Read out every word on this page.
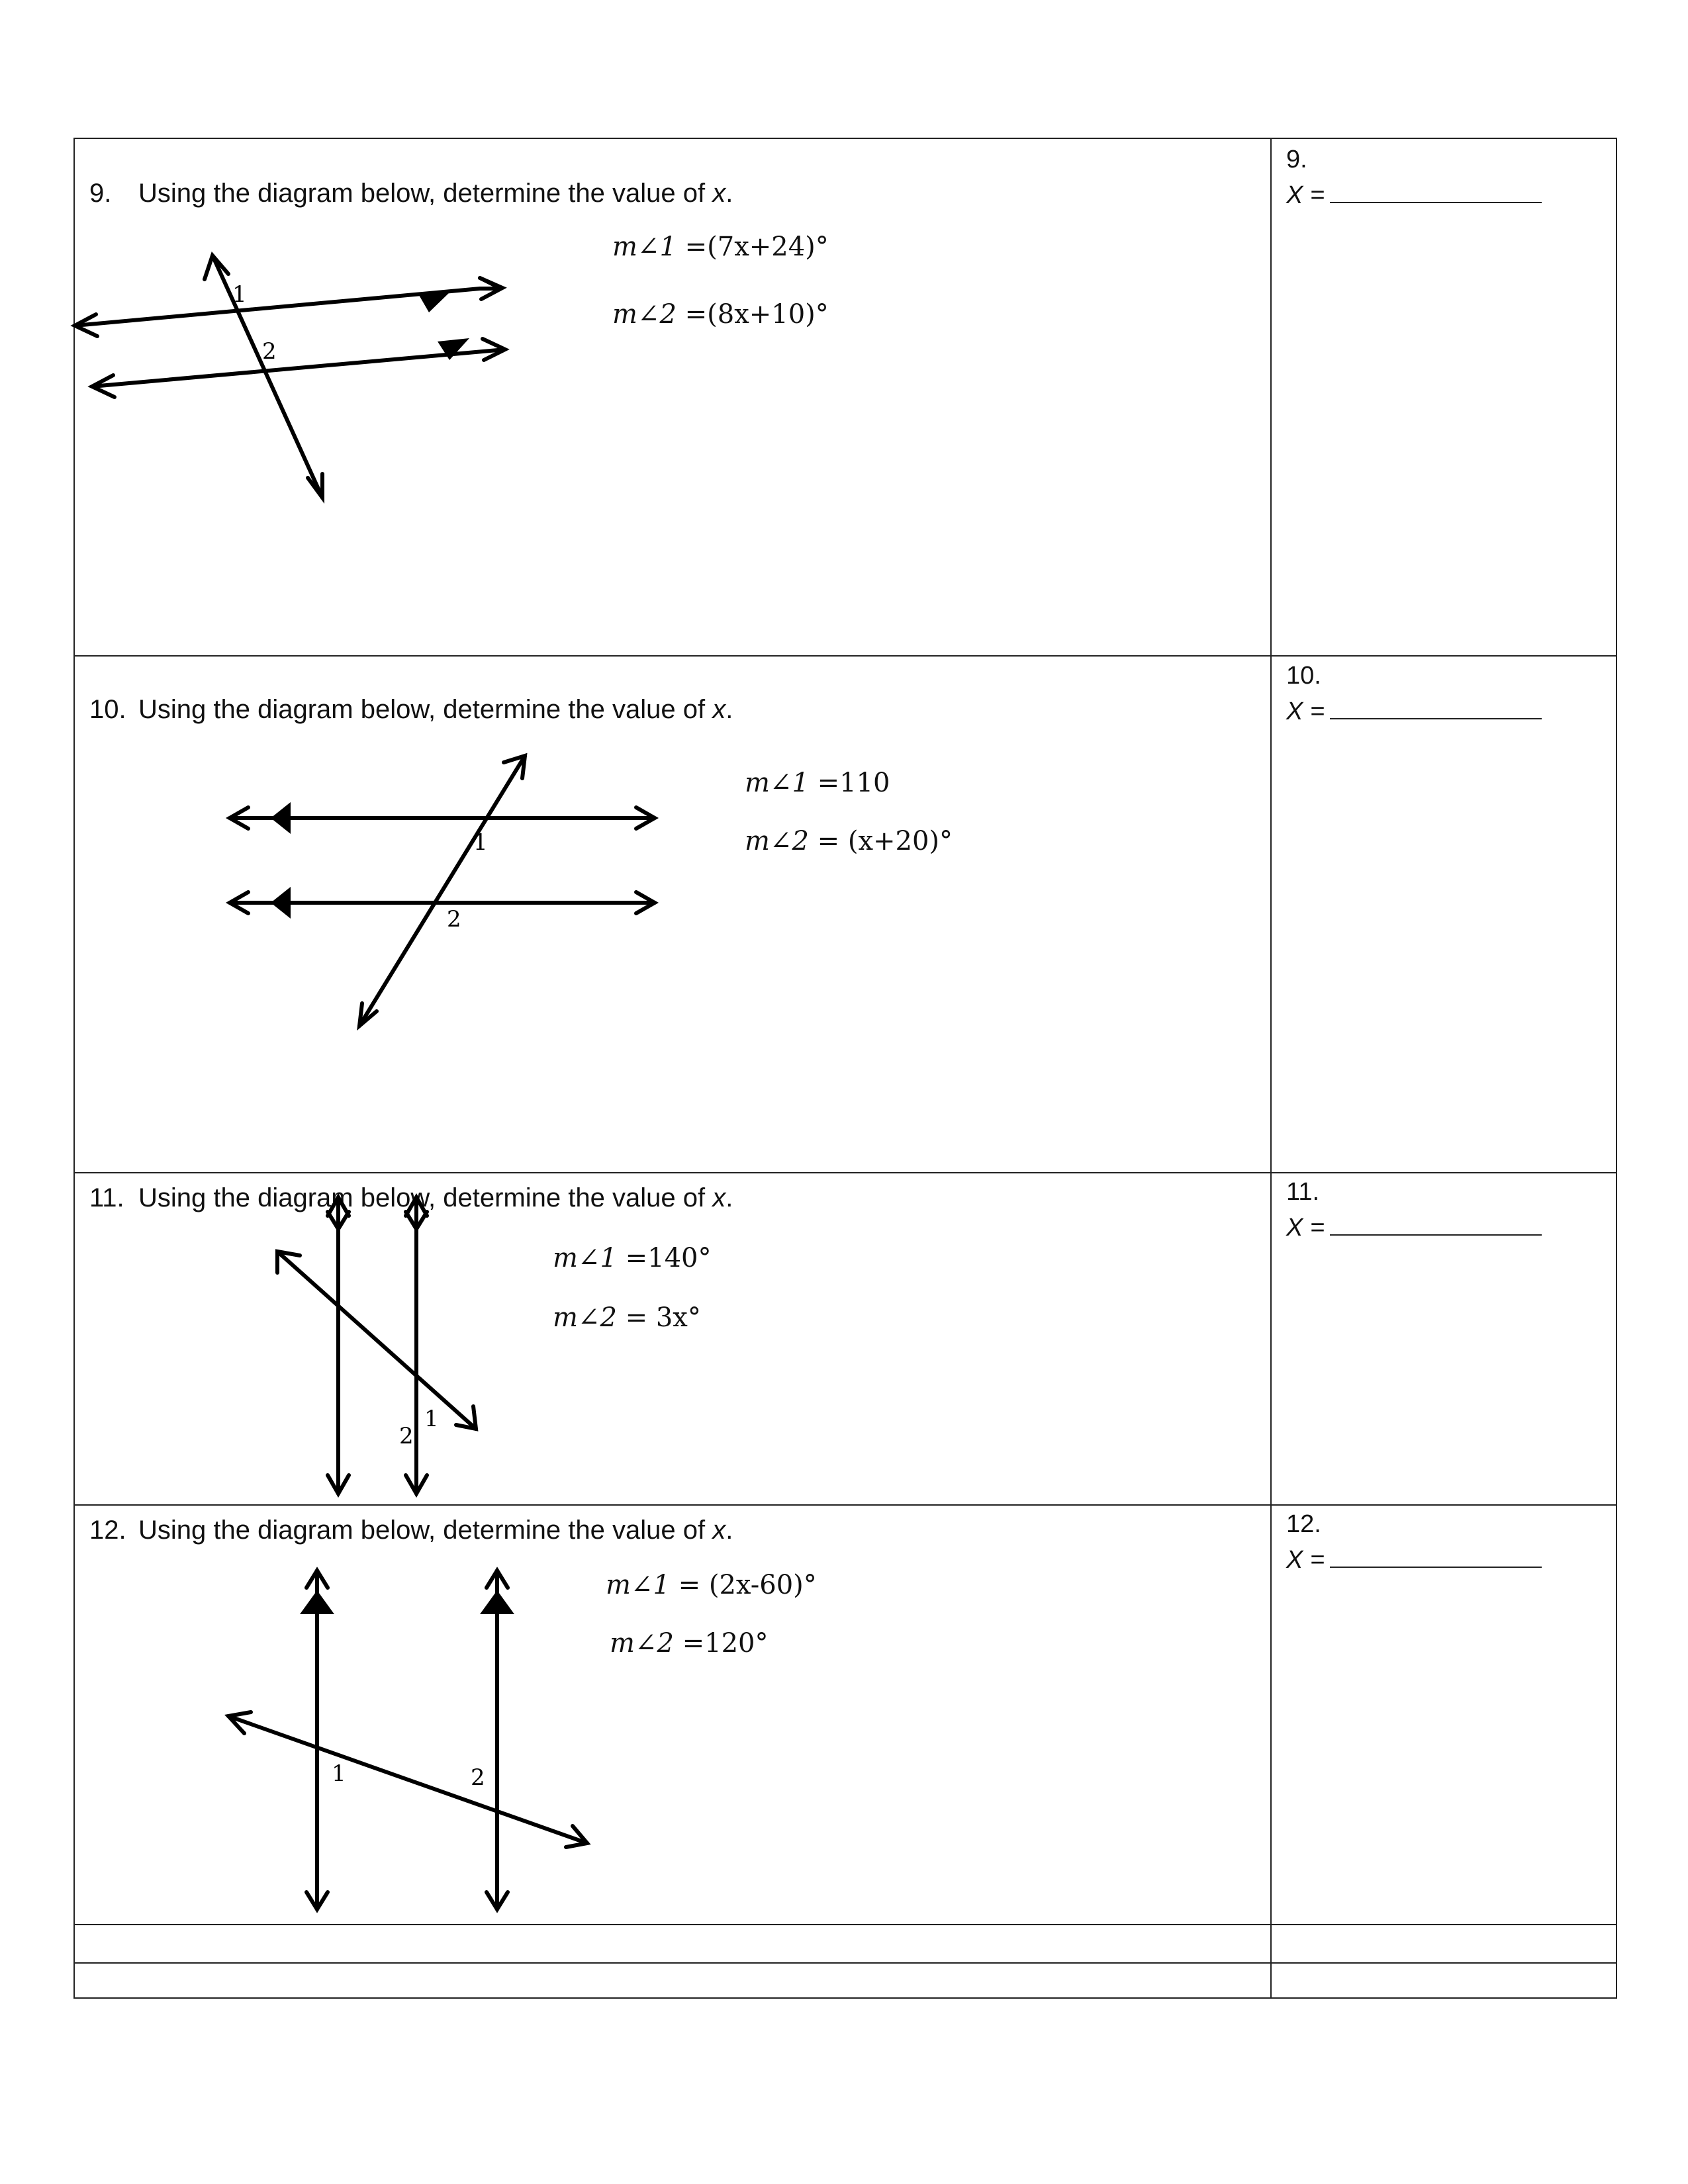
9. Using the diagram below, determine the value of x.
m∠1 =(7x+24)°
m∠2 =(8x+10)°
9.
X =
1
2
10. Using the diagram below, determine the value of x.
m∠1 =110
m∠2 = (x+20)°
10.
X =
1
2
11. Using the diagram below, determine the value of x.
m∠1 =140°
m∠2 = 3x°
11.
X =
1
2
12. Using the diagram below, determine the value of x.
m∠1 = (2x-60)°
m∠2 =120°
12.
X =
1	2
